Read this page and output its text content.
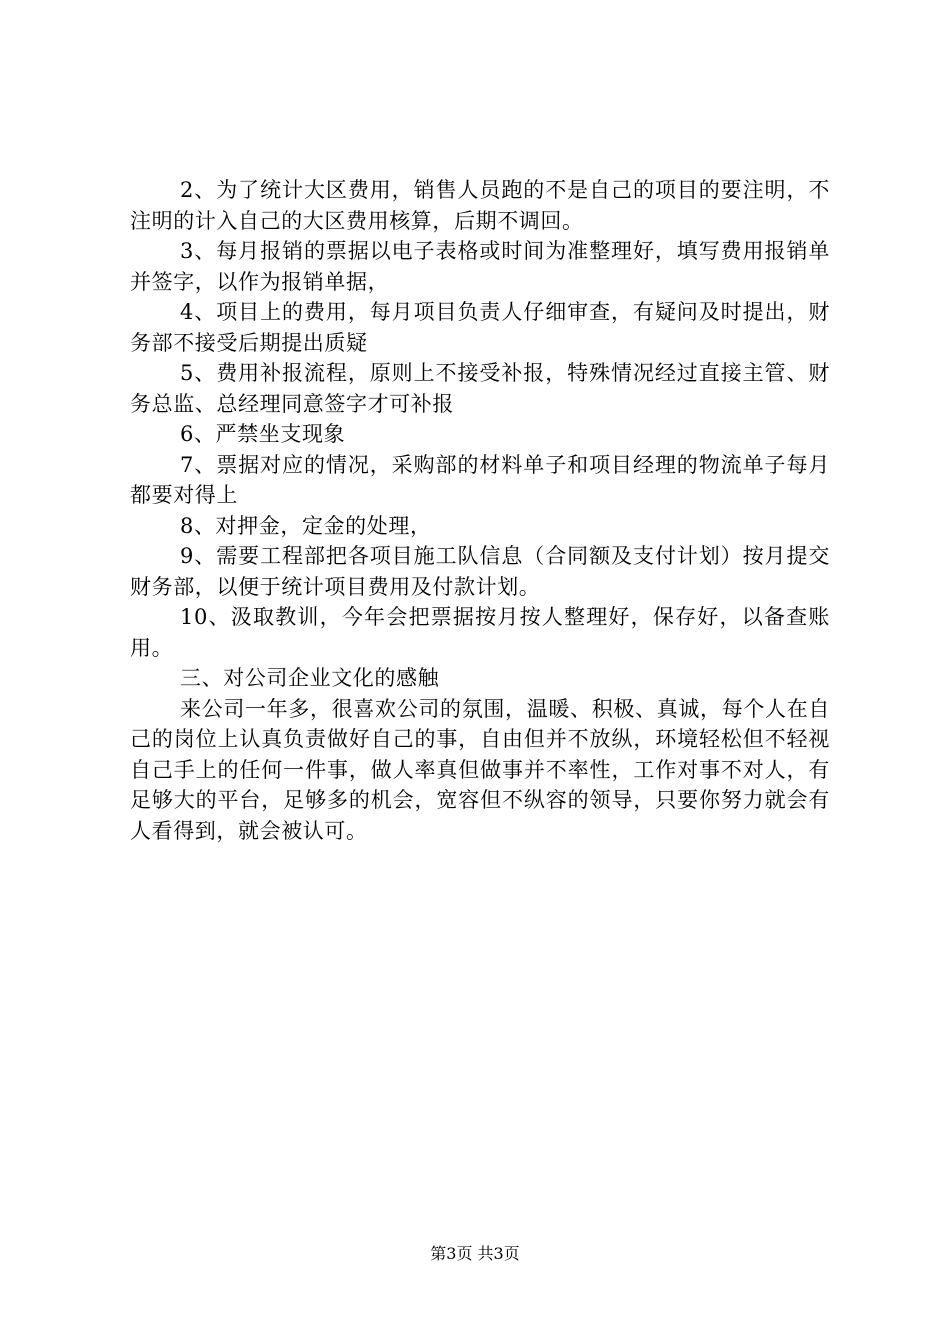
2、为了统计大区费用，销售人员跑的不是自己的项目的要注明，不注明的计入自己的大区费用核算，后期不调回。

3、每月报销的票据以电子表格或时间为准整理好，填写费用报销单并签字，以作为报销单据，

4、项目上的费用，每月项目负责人仔细审查，有疑问及时提出，财务部不接受后期提出质疑

5、费用补报流程，原则上不接受补报，特殊情况经过直接主管、财务总监、总经理同意签字才可补报

6、严禁坐支现象

7、票据对应的情况，采购部的材料单子和项目经理的物流单子每月都要对得上

8、对押金，定金的处理，

9、需要工程部把各项目施工队信息（合同额及支付计划）按月提交财务部，以便于统计项目费用及付款计划。

10、汲取教训，今年会把票据按月按人整理好，保存好，以备查账用。

三、对公司企业文化的感触

来公司一年多，很喜欢公司的氛围，温暖、积极、真诚，每个人在自己的岗位上认真负责做好自己的事，自由但并不放纵，环境轻松但不轻视自己手上的任何一件事，做人率真但做事并不率性，工作对事不对人，有足够大的平台，足够多的机会，宽容但不纵容的领导，只要你努力就会有人看得到，就会被认可。

第3页 共3页
